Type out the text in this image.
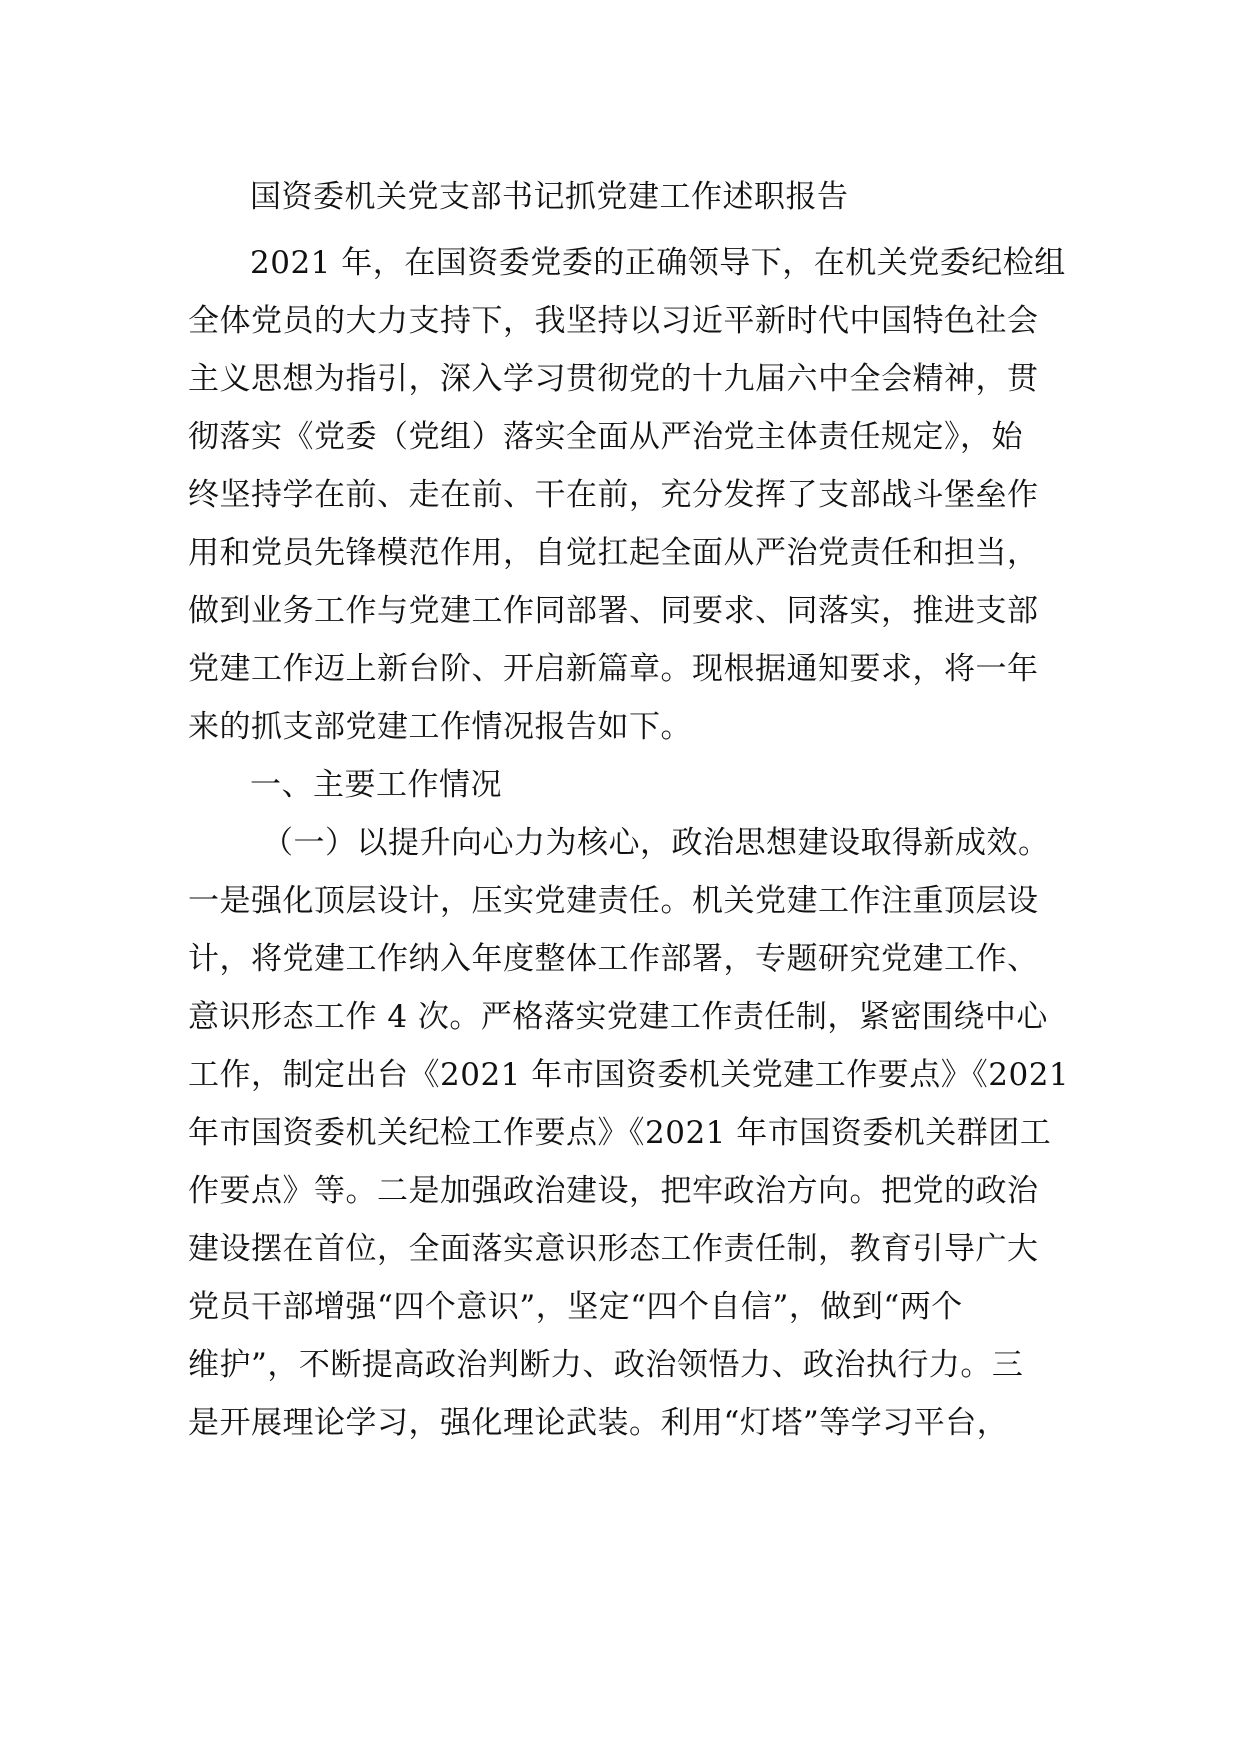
国资委机关党支部书记抓党建工作述职报告
2021 年，在国资委党委的正确领导下，在机关党委纪检组
全体党员的大力支持下，我坚持以习近平新时代中国特色社会
主义思想为指引，深入学习贯彻党的十九届六中全会精神，贯
彻落实《党委（党组）落实全面从严治党主体责任规定》，始
终坚持学在前、走在前、干在前，充分发挥了支部战斗堡垒作
用和党员先锋模范作用，自觉扛起全面从严治党责任和担当，
做到业务工作与党建工作同部署、同要求、同落实，推进支部
党建工作迈上新台阶、开启新篇章。现根据通知要求，将一年
来的抓支部党建工作情况报告如下。
一、主要工作情况
（一）以提升向心力为核心，政治思想建设取得新成效。
一是强化顶层设计，压实党建责任。机关党建工作注重顶层设
计，将党建工作纳入年度整体工作部署，专题研究党建工作、
意识形态工作 4 次。严格落实党建工作责任制，紧密围绕中心
工作，制定出台《2021 年市国资委机关党建工作要点》《2021
年市国资委机关纪检工作要点》《2021 年市国资委机关群团工
作要点》等。二是加强政治建设，把牢政治方向。把党的政治
建设摆在首位，全面落实意识形态工作责任制，教育引导广大
党员干部增强“四个意识”，坚定“四个自信”，做到“两个
维护”，不断提高政治判断力、政治领悟力、政治执行力。三
是开展理论学习，强化理论武装。利用“灯塔”等学习平台，
